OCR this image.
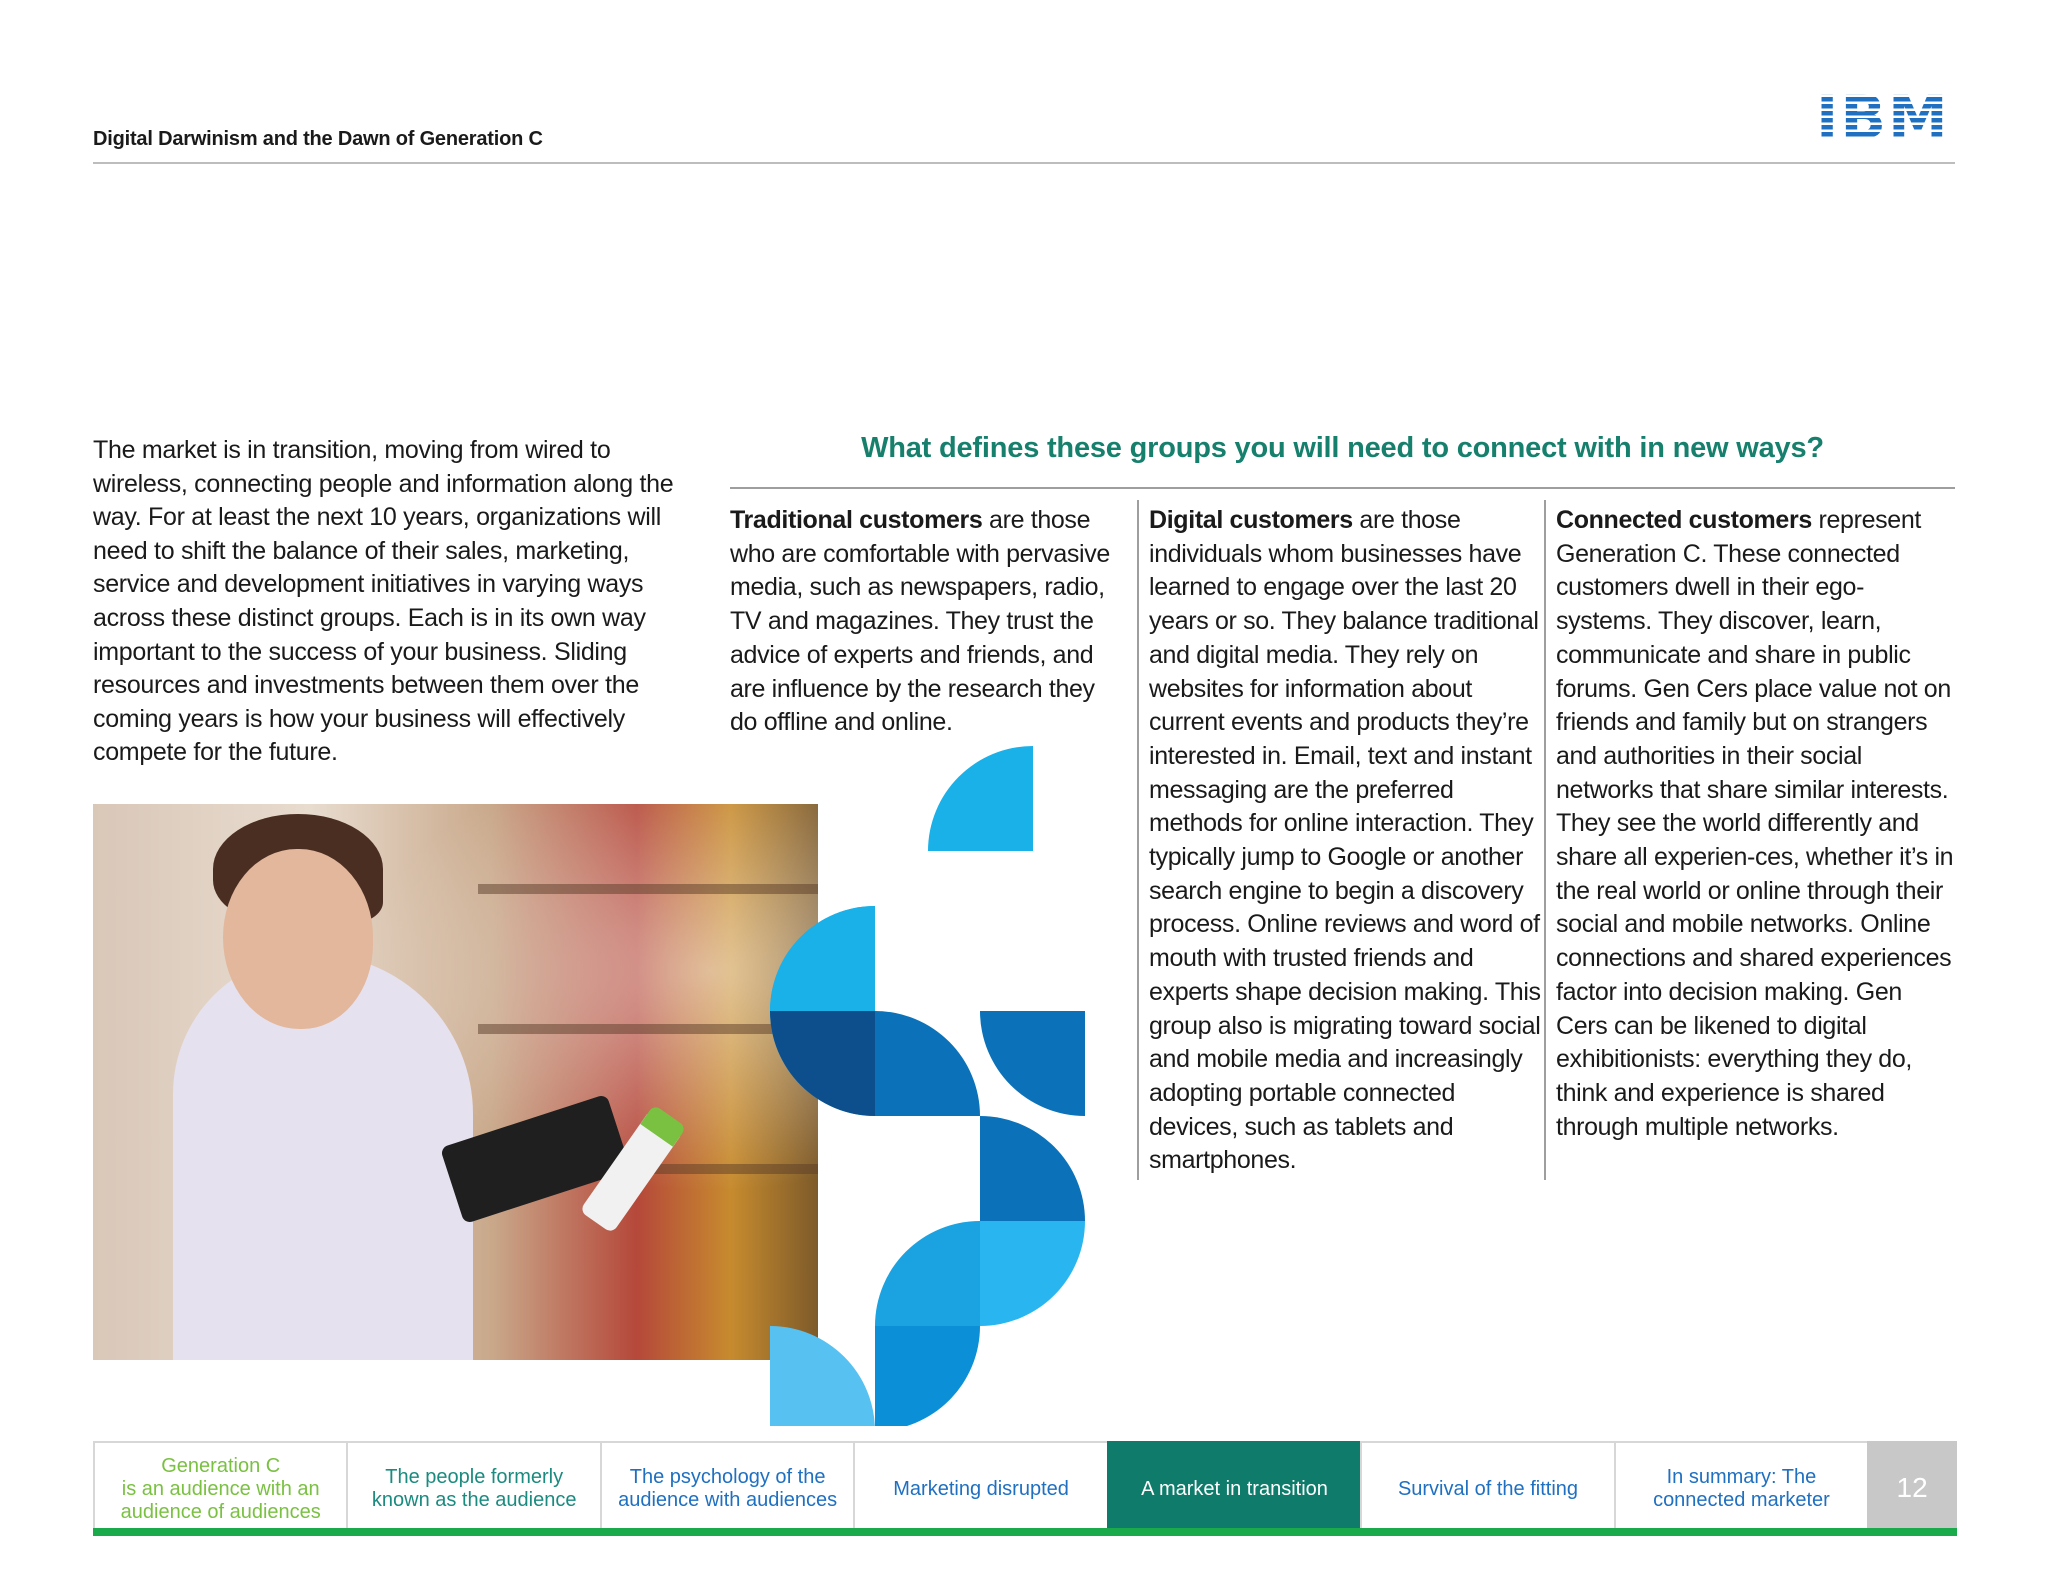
Digital Darwinism and the Dawn of Generation C	IBM
The market is in transition, moving from wired to wireless, connecting people and information along the way. For at least the next 10 years, organizations will need to shift the balance of their sales, marketing, service and development initiatives in varying ways across these distinct groups. Each is in its own way important to the success of your business. Sliding resources and investments between them over the coming years is how your business will effectively compete for the future.
What defines these groups you will need to connect with in new ways?
Traditional customers are those who are comfortable with pervasive media, such as newspapers, radio, TV and magazines. They trust the advice of experts and friends, and are influence by the research they do offline and online.
Digital customers are those individuals whom businesses have learned to engage over the last 20 years or so. They balance traditional and digital media. They rely on websites for information about current events and products they’re interested in. Email, text and instant messaging are the preferred methods for online interaction. They typically jump to Google or another search engine to begin a discovery process. Online reviews and word of mouth with trusted friends and experts shape decision making. This group also is migrating toward social and mobile media and increasingly adopting portable connected devices, such as tablets and smartphones.
Connected customers represent Generation C. These connected customers dwell in their ego-systems. They discover, learn, communicate and share in public forums. Gen Cers place value not on friends and family but on strangers and authorities in their social networks that share similar interests. They see the world differently and share all experien-ces, whether it’s in the real world or online through their social and mobile networks. Online connections and shared experiences factor into decision making. Gen Cers can be likened to digital exhibitionists: everything they do, think and experience is shared through multiple networks.
Generation C
is an audience with an
audience of audiences
The people formerly
known as the audience
The psychology of the
audience with audiences
Marketing disrupted	A market in transition	Survival of the fitting
In summary: The
connected marketer	12
